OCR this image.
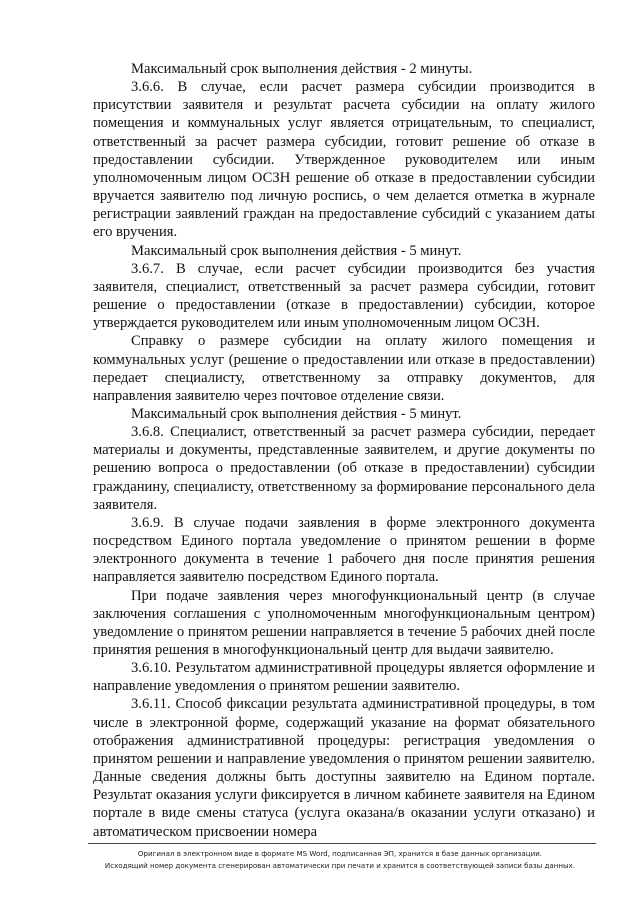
Максимальный срок выполнения действия - 2 минуты.

3.6.6. В случае, если расчет размера субсидии производится в присутствии заявителя и результат расчета субсидии на оплату жилого помещения и коммунальных услуг является отрицательным, то специалист, ответственный за расчет размера субсидии, готовит решение об отказе в предоставлении субсидии. Утвержденное руководителем или иным уполномоченным лицом ОСЗН решение об отказе в предоставлении субсидии вручается заявителю под личную роспись, о чем делается отметка в журнале регистрации заявлений граждан на предоставление субсидий с указанием даты его вручения.

Максимальный срок выполнения действия - 5 минут.

3.6.7. В случае, если расчет субсидии производится без участия заявителя, специалист, ответственный за расчет размера субсидии, готовит решение о предоставлении (отказе в предоставлении) субсидии, которое утверждается руководителем или иным уполномоченным лицом ОСЗН.

Справку о размере субсидии на оплату жилого помещения и коммунальных услуг (решение о предоставлении или отказе в предоставлении) передает специалисту, ответственному за отправку документов, для направления заявителю через почтовое отделение связи.

Максимальный срок выполнения действия - 5 минут.

3.6.8. Специалист, ответственный за расчет размера субсидии, передает материалы и документы, представленные заявителем, и другие документы по решению вопроса о предоставлении (об отказе в предоставлении) субсидии гражданину, специалисту, ответственному за формирование персонального дела заявителя.

3.6.9. В случае подачи заявления в форме электронного документа посредством Единого портала уведомление о принятом решении в форме электронного документа в течение 1 рабочего дня после принятия решения направляется заявителю посредством Единого портала.

При подаче заявления через многофункциональный центр (в случае заключения соглашения с уполномоченным многофункциональным центром) уведомление о принятом решении направляется в течение 5 рабочих дней после принятия решения в многофункциональный центр для выдачи заявителю.

3.6.10. Результатом административной процедуры является оформление и направление уведомления о принятом решении заявителю.

3.6.11. Способ фиксации результата административной процедуры, в том числе в электронной форме, содержащий указание на формат обязательного отображения административной процедуры: регистрация уведомления о принятом решении и направление уведомления о принятом решении заявителю. Данные сведения должны быть доступны заявителю на Едином портале. Результат оказания услуги фиксируется в личном кабинете заявителя на Едином портале в виде смены статуса (услуга оказана/в оказании услуги отказано) и автоматическом присвоении номера

Оригинал в электронном виде в формате MS Word, подписанная ЭП, хранится в базе данных организации.
Исходящий номер документа сгенерирован автоматически при печати и хранится в соответствующей записи базы данных.
